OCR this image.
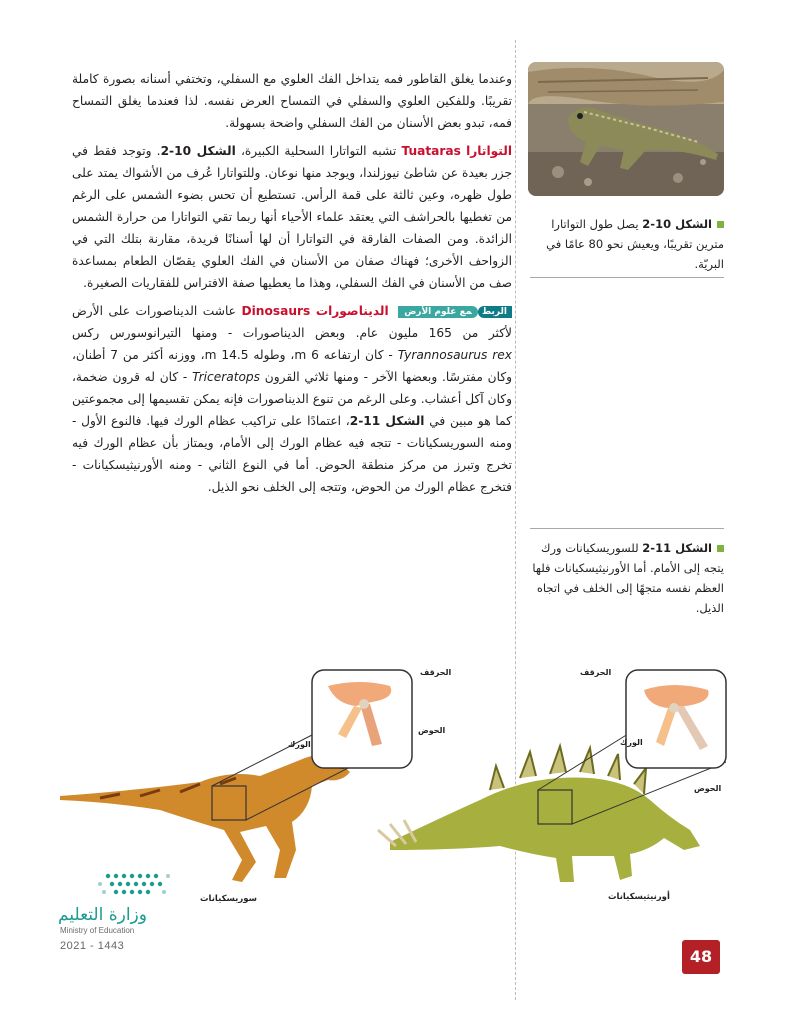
وعندما يغلق القاطور فمه يتداخل الفك العلوي مع السفلي، وتختفي أسنانه بصورة كاملة تقريبًا. وللفكين العلوي والسفلي في التمساح العرض نفسه. لذا فعندما يغلق التمساح فمه، تبدو بعض الأسنان من الفك السفلي واضحة بسهولة.

التواتارا Tuataras تشبه التواتارا السحلية الكبيرة، الشكل 10-2. وتوجد فقط في جزر بعيدة عن شاطئ نيوزلندا، ويوجد منها نوعان. وللتواتارا عُرف من الأشواك يمتد على طول ظهره، وعين ثالثة على قمة الرأس. تستطيع أن تحس بضوء الشمس على الرغم من تغطيها بالحراشف التي يعتقد علماء الأحياء أنها ربما تقي التواتارا من حرارة الشمس الزائدة. ومن الصفات الفارقة في التواتارا أن لها أسنانًا فريدة، مقارنة بتلك التي في الزواحف الأخرى؛ فهناك صفان من الأسنان في الفك العلوي يقصّان الطعام بمساعدة صف من الأسنان في الفك السفلي، وهذا ما يعطيها صفة الافتراس للفقاريات الصغيرة.

الربطمع علوم الأرض الديناصورات Dinosaurs عاشت الديناصورات على الأرض لأكثر من 165 مليون عام. وبعض الديناصورات - ومنها التيرانوسورس ركس Tyrannosaurus rex - كان ارتفاعه 6 m، وطوله 14.5 m، ووزنه أكثر من 7 أطنان، وكان مفترسًا. وبعضها الآخر - ومنها ثلاثي القرون Triceratops - كان له قرون ضخمة، وكان آكل أعشاب. وعلى الرغم من تنوع الديناصورات فإنه يمكن تقسيمها إلى مجموعتين كما هو مبين في الشكل 11-2، اعتمادًا على تراكيب عظام الورك فيها. فالنوع الأول - ومنه السوريسكيانات - تتجه فيه عظام الورك إلى الأمام، ويمتاز بأن عظام الورك فيه تخرج وتبرز من مركز منطقة الحوض. أما في النوع الثاني - ومنه الأورنيثيسكيانات - فتخرج عظام الورك من الحوض، وتتجه إلى الخلف نحو الذيل.

الشكل 10-2 يصل طول التواتارا مترين تقريبًا، ويعيش نحو 80 عامًا في البريّة.
الشكل 11-2 للسوريسكيانات ورك يتجه إلى الأمام. أما الأورنيثيسكيانات فلها العظم نفسه متجهًا إلى الخلف في اتجاه الذيل.
الحرقف
الحوض
الورك
الحرقف
الورك
الحوض
سوريسكيانات	أورنيثيسكيانات
وزارة التعليم
Ministry of Education
2021 - 1443
48
